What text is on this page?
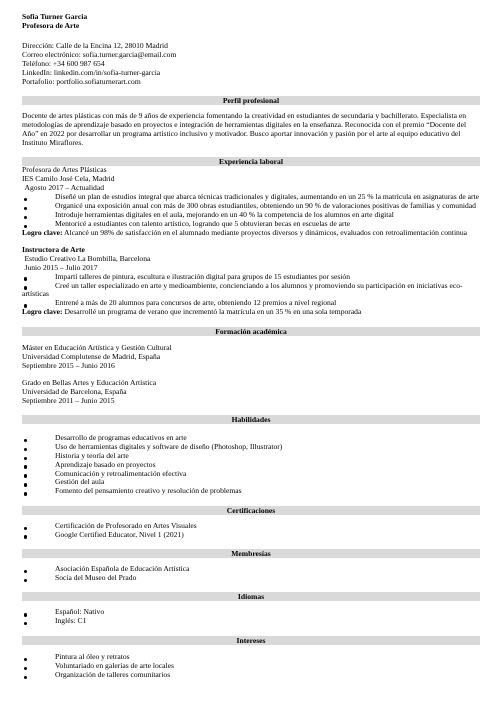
Sofia Turner Garcia
Profesora de Arte
Dirección: Calle de la Encina 12, 28010 Madrid
Correo electrónico: sofia.turner.garcia@email.com
Teléfono: +34 600 987 654
LinkedIn: linkedin.com/in/sofia-turner-garcia
Portafolio: portfolio.sofiaturnerart.com
Perfil profesional

Docente de artes plásticas con más de 9 años de experiencia fomentando la creatividad en estudiantes de secundaria y bachillerato. Especialista en metodologías de aprendizaje basado en proyectos e integración de herramientas digitales en la enseñanza. Reconocida con el premio “Docente del Año” en 2022 por desarrollar un programa artístico inclusivo y motivador. Busco aportar innovación y pasión por el arte al equipo educativo del Instituto Miraflores.

Experiencia laboral
Profesora de Artes Plásticas
IES Camilo José Cela, Madrid
Agosto 2017 – Actualidad
Diseñé un plan de estudios integral que abarca técnicas tradicionales y digitales, aumentando en un 25 % la matrícula en asignaturas de arte
Organicé una exposición anual con más de 300 obras estudiantiles, obteniendo un 90 % de valoraciones positivas de familias y comunidad
Introduje herramientas digitales en el aula, mejorando en un 40 % la competencia de los alumnos en arte digital
Mentoricé a estudiantes con talento artístico, logrando que 5 obtuvieran becas en escuelas de arte
Logro clave: Alcancé un 98% de satisfacción en el alumnado mediante proyectos diversos y dinámicos, evaluados con retroalimentación continua
Instructora de Arte
Estudio Creativo La Bombilla, Barcelona
Junio 2015 – Julio 2017
Impartí talleres de pintura, escultura e ilustración digital para grupos de 15 estudiantes por sesión
Creé un taller especializado en arte y medioambiente, concienciando a los alumnos y promoviendo su participación en iniciativas eco-artísticas
Entrené a más de 20 alumnos para concursos de arte, obteniendo 12 premios a nivel regional
Logro clave: Desarrollé un programa de verano que incrementó la matrícula en un 35 % en una sola temporada
Formación académica
Máster en Educación Artística y Gestión Cultural
Universidad Complutense de Madrid, España
Septiembre 2015 – Junio 2016
Grado en Bellas Artes y Educación Artística
Universidad de Barcelona, España
Septiembre 2011 – Junio 2015
Habilidades
Desarrollo de programas educativos en arte
Uso de herramientas digitales y software de diseño (Photoshop, Illustrator)
Historia y teoría del arte
Aprendizaje basado en proyectos
Comunicación y retroalimentación efectiva
Gestión del aula
Fomento del pensamiento creativo y resolución de problemas
Certificaciones
Certificación de Profesorado en Artes Visuales
Google Certified Educator, Nivel 1 (2021)
Membresías
Asociación Española de Educación Artística
Socia del Museo del Prado
Idiomas
Español: Nativo
Inglés: C1
Intereses
Pintura al óleo y retratos
Voluntariado en galerías de arte locales
Organización de talleres comunitarios
